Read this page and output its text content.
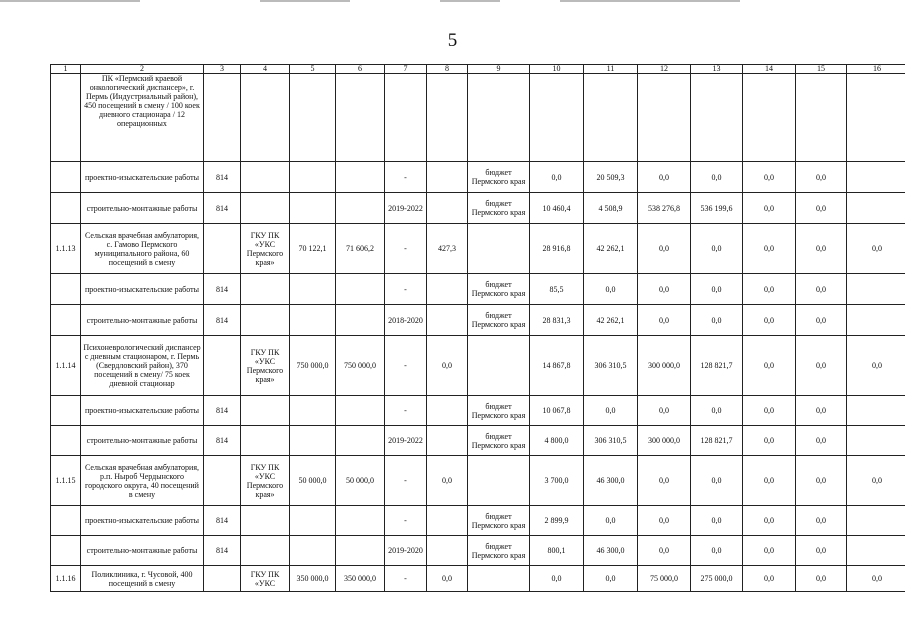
5
1	2	3	4	5	6	7	8	9	10	11	12	13	14	15	16
	ПК «Пермский краевой онкологический диспансер», г. Пермь (Индустриальный район), 450 посещений в смену / 100 коек дневного стационара / 12 операционных														
	проектно-изыскательские работы	814				-		бюджет Пермского края	0,0	20 509,3	0,0	0,0	0,0	0,0	
	строительно-монтажные работы	814				2019-2022		бюджет Пермского края	10 460,4	4 508,9	538 276,8	536 199,6	0,0	0,0	
1.1.13	Сельская врачебная амбулатория, с. Гамово Пермского муниципального района, 60 посещений в смену		ГКУ ПК «УКС Пермского края»	70 122,1	71 606,2	-	427,3		28 916,8	42 262,1	0,0	0,0	0,0	0,0	0,0
	проектно-изыскательские работы	814				-		бюджет Пермского края	85,5	0,0	0,0	0,0	0,0	0,0	
	строительно-монтажные работы	814				2018-2020		бюджет Пермского края	28 831,3	42 262,1	0,0	0,0	0,0	0,0	
1.1.14	Психоневрологический диспансер с дневным стационаром, г. Пермь (Свердловский район), 370 посещений в смену/ 75 коек дневной стационар		ГКУ ПК «УКС Пермского края»	750 000,0	750 000,0	-	0,0		14 867,8	306 310,5	300 000,0	128 821,7	0,0	0,0	0,0
	проектно-изыскательские работы	814				-		бюджет Пермского края	10 067,8	0,0	0,0	0,0	0,0	0,0	
	строительно-монтажные работы	814				2019-2022		бюджет Пермского края	4 800,0	306 310,5	300 000,0	128 821,7	0,0	0,0	
1.1.15	Сельская врачебная амбулатория, р.п. Ныроб Чердынского городского округа, 40 посещений в смену		ГКУ ПК «УКС Пермского края»	50 000,0	50 000,0	-	0,0		3 700,0	46 300,0	0,0	0,0	0,0	0,0	0,0
	проектно-изыскательские работы	814				-		бюджет Пермского края	2 899,9	0,0	0,0	0,0	0,0	0,0	
	строительно-монтажные работы	814				2019-2020		бюджет Пермского края	800,1	46 300,0	0,0	0,0	0,0	0,0	
1.1.16	Поликлиника, г. Чусовой, 400 посещений в смену		ГКУ ПК «УКС	350 000,0	350 000,0	-	0,0		0,0	0,0	75 000,0	275 000,0	0,0	0,0	0,0
